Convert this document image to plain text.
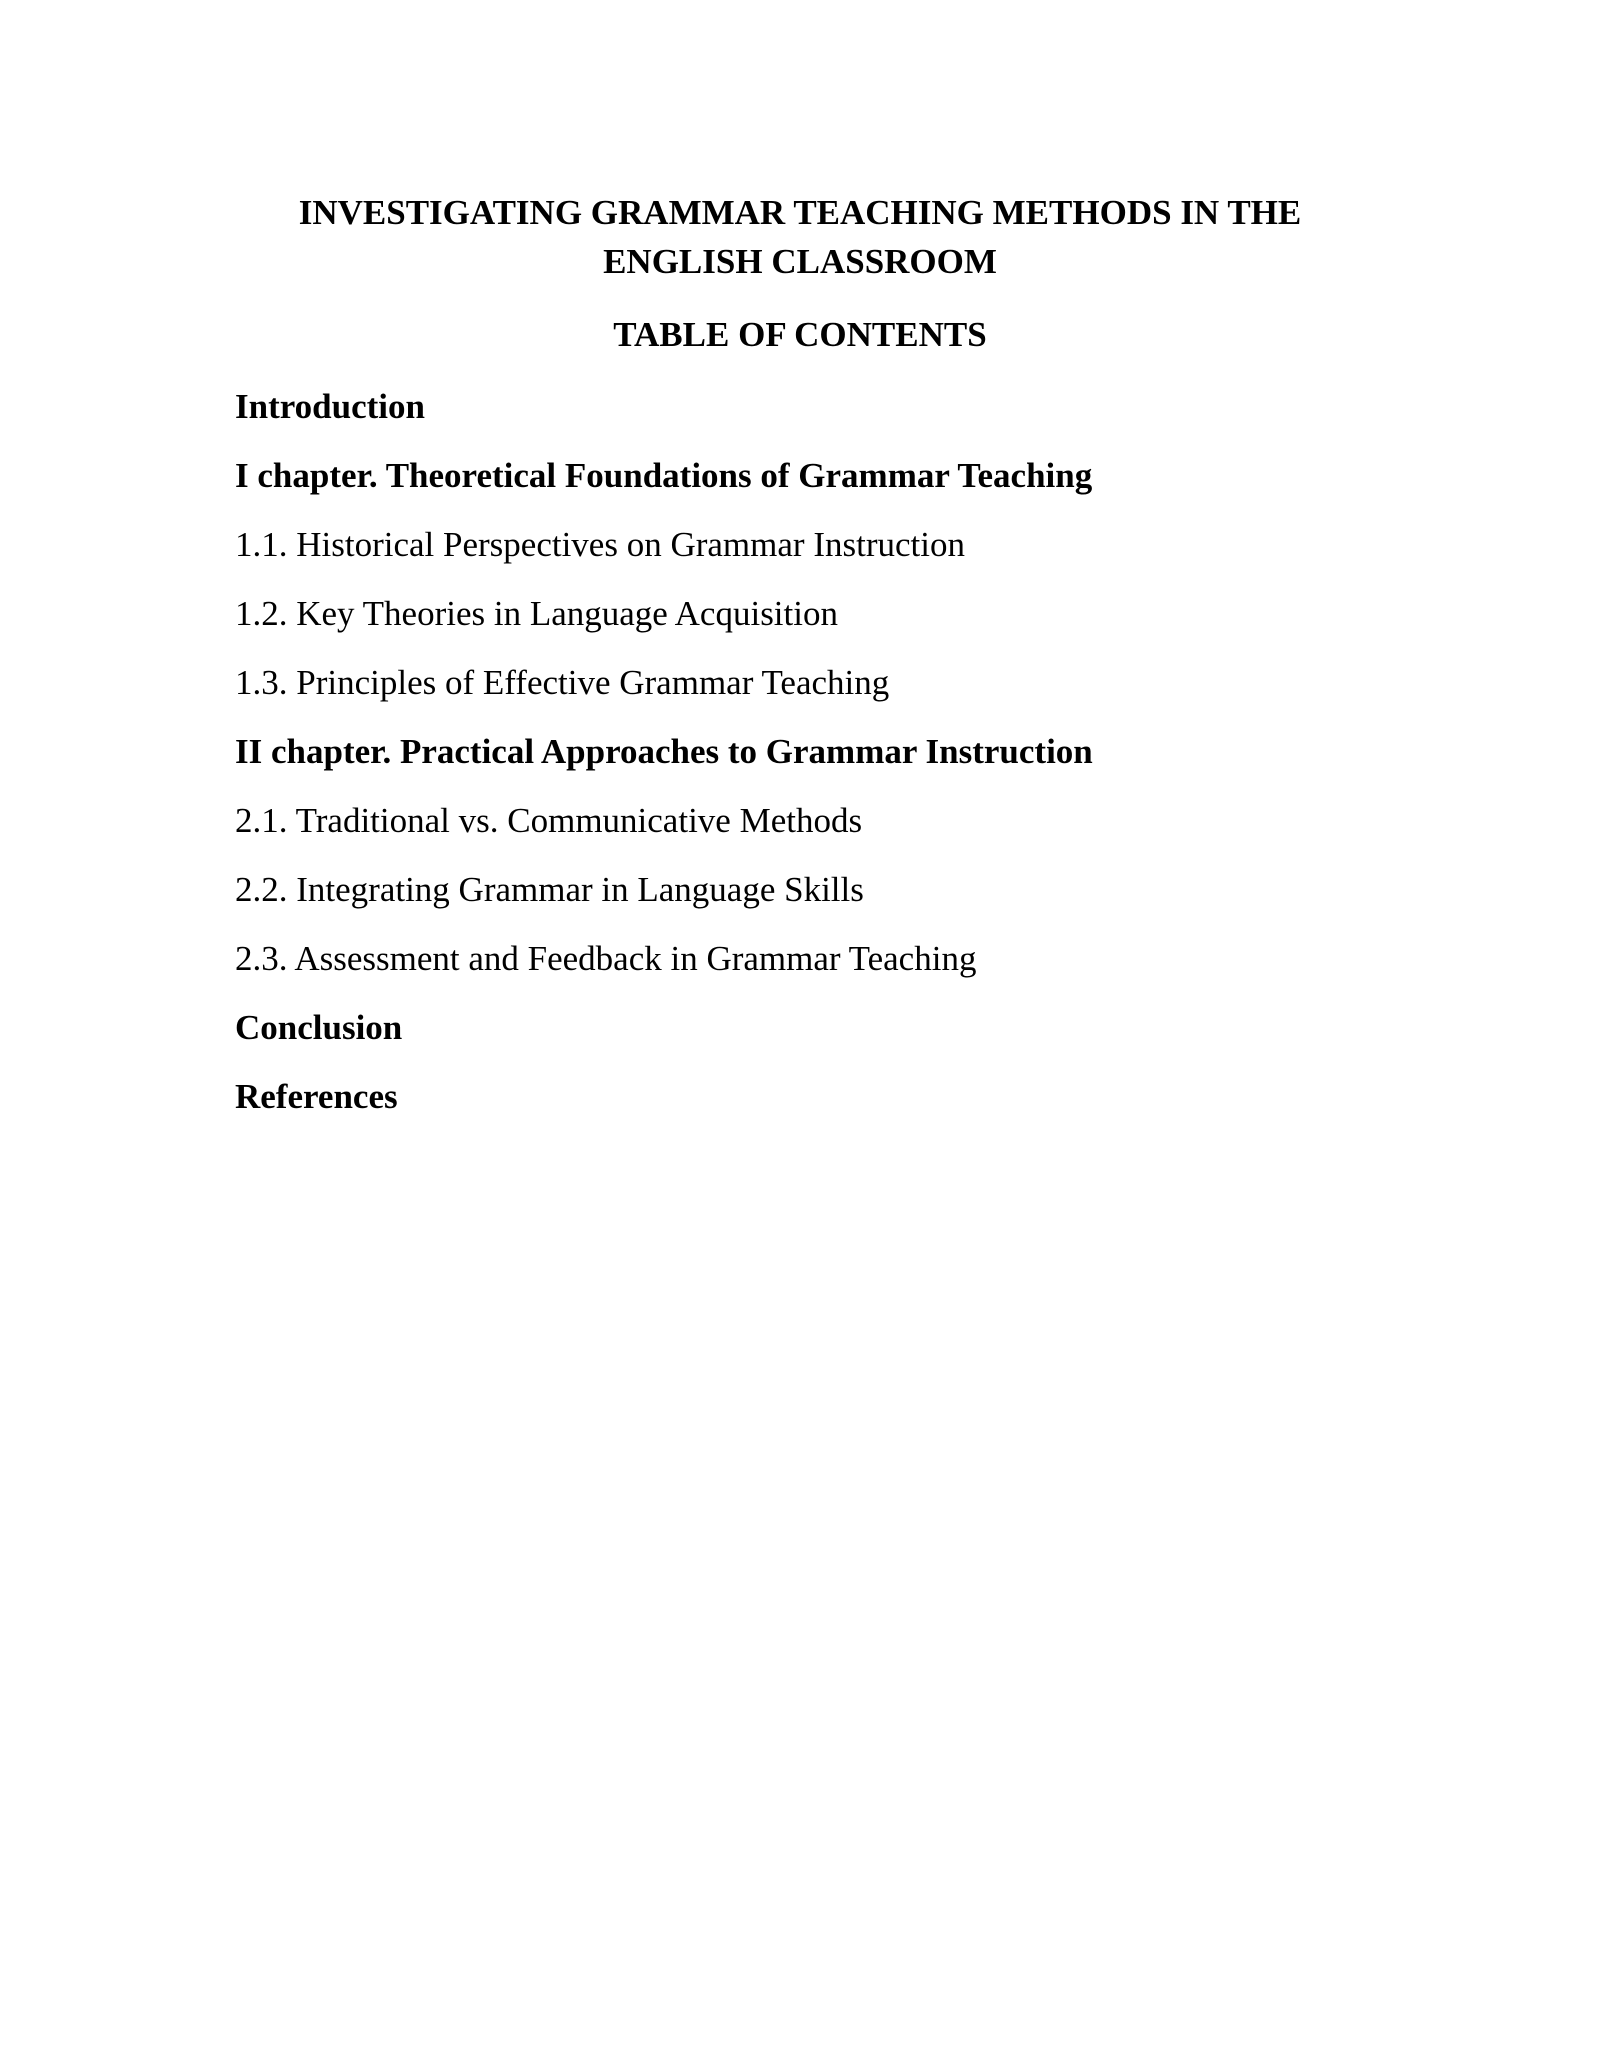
INVESTIGATING GRAMMAR TEACHING METHODS IN THE
ENGLISH CLASSROOM
TABLE OF CONTENTS
Introduction
I chapter. Theoretical Foundations of Grammar Teaching
1.1. Historical Perspectives on Grammar Instruction
1.2. Key Theories in Language Acquisition
1.3. Principles of Effective Grammar Teaching
II chapter. Practical Approaches to Grammar Instruction
2.1. Traditional vs. Communicative Methods
2.2. Integrating Grammar in Language Skills
2.3. Assessment and Feedback in Grammar Teaching
Conclusion
References
